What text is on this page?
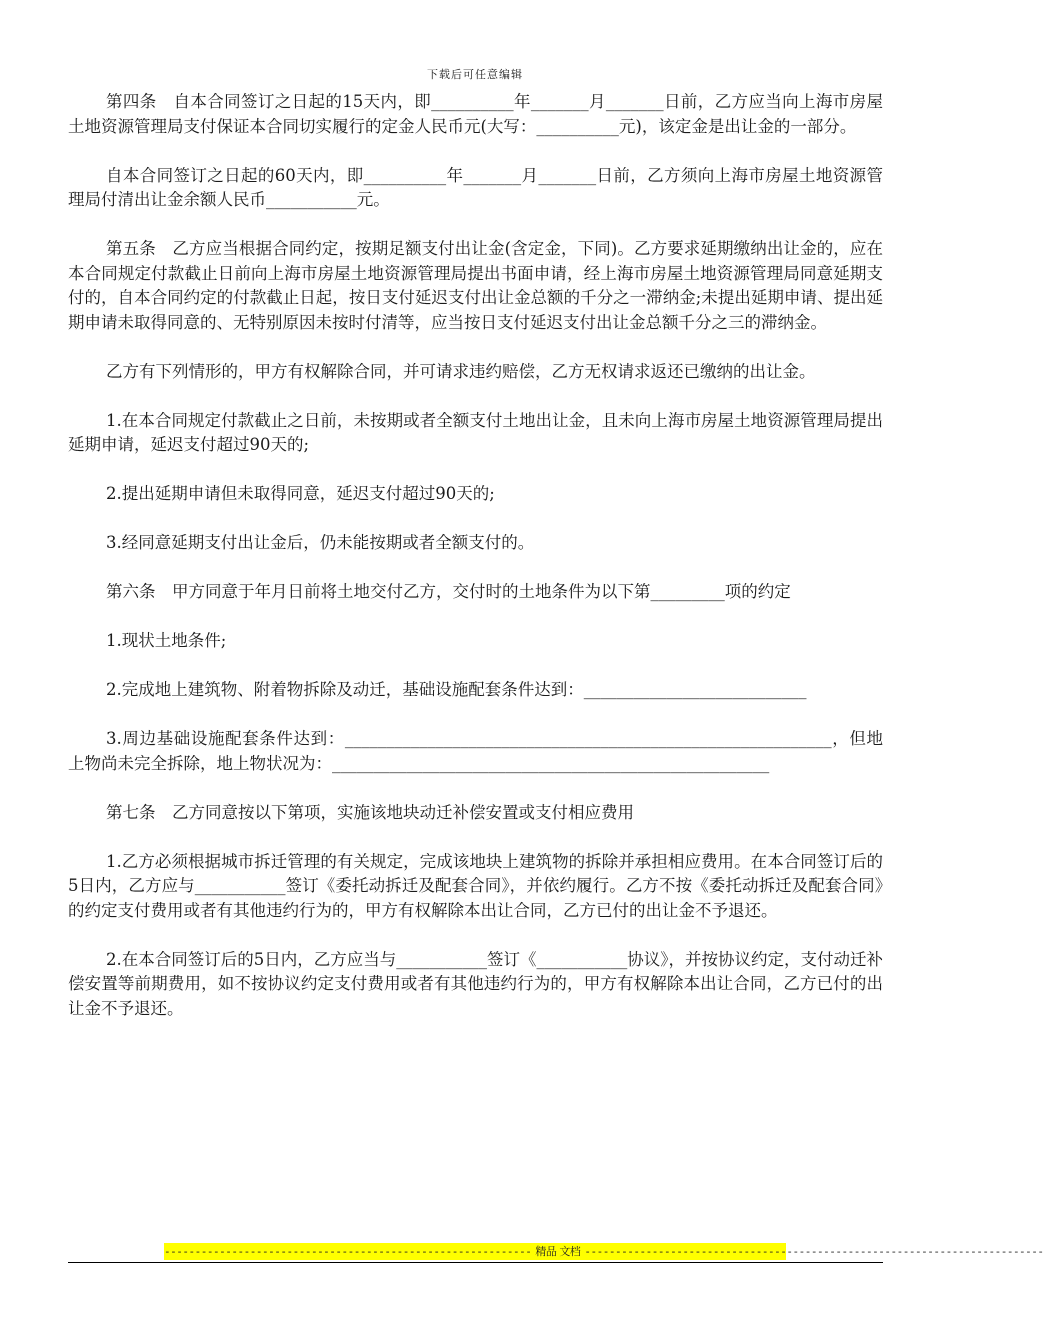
下载后可任意编辑

第四条　自本合同签订之日起的15天内，即__________年_______月_______日前，乙方应当向上海市房屋土地资源管理局支付保证本合同切实履行的定金人民币元(大写：__________元)，该定金是出让金的一部分。

自本合同签订之日起的60天内，即__________年_______月_______日前，乙方须向上海市房屋土地资源管理局付清出让金余额人民币___________元。

第五条　乙方应当根据合同约定，按期足额支付出让金(含定金，下同)。乙方要求延期缴纳出让金的，应在本合同规定付款截止日前向上海市房屋土地资源管理局提出书面申请，经上海市房屋土地资源管理局同意延期支付的，自本合同约定的付款截止日起，按日支付延迟支付出让金总额的千分之一滞纳金;未提出延期申请、提出延期申请未取得同意的、无特别原因未按时付清等，应当按日支付延迟支付出让金总额千分之三的滞纳金。

乙方有下列情形的，甲方有权解除合同，并可请求违约赔偿，乙方无权请求返还已缴纳的出让金。

1.在本合同规定付款截止之日前，未按期或者全额支付土地出让金，且未向上海市房屋土地资源管理局提出延期申请，延迟支付超过90天的;

2.提出延期申请但未取得同意，延迟支付超过90天的;

3.经同意延期支付出让金后，仍未能按期或者全额支付的。

第六条　甲方同意于年月日前将土地交付乙方，交付时的土地条件为以下第_________项的约定

1.现状土地条件;

2.完成地上建筑物、附着物拆除及动迁，基础设施配套条件达到：___________________________

3.周边基础设施配套条件达到：___________________________________________________________，但地上物尚未完全拆除，地上物状况为：_____________________________________________________

第七条　乙方同意按以下第项，实施该地块动迁补偿安置或支付相应费用

1.乙方必须根据城市拆迁管理的有关规定，完成该地块上建筑物的拆除并承担相应费用。在本合同签订后的5日内，乙方应与___________签订《委托动拆迁及配套合同》，并依约履行。乙方不按《委托动拆迁及配套合同》的约定支付费用或者有其他违约行为的，甲方有权解除本出让合同，乙方已付的出让金不予退还。

2.在本合同签订后的5日内，乙方应当与___________签订《___________协议》，并按协议约定，支付动迁补偿安置等前期费用，如不按协议约定支付费用或者有其他违约行为的，甲方有权解除本出让合同，乙方已付的出让金不予退还。

------------------------------------------------------------ 精品 文档 ---------------------------------------------------------------------------
